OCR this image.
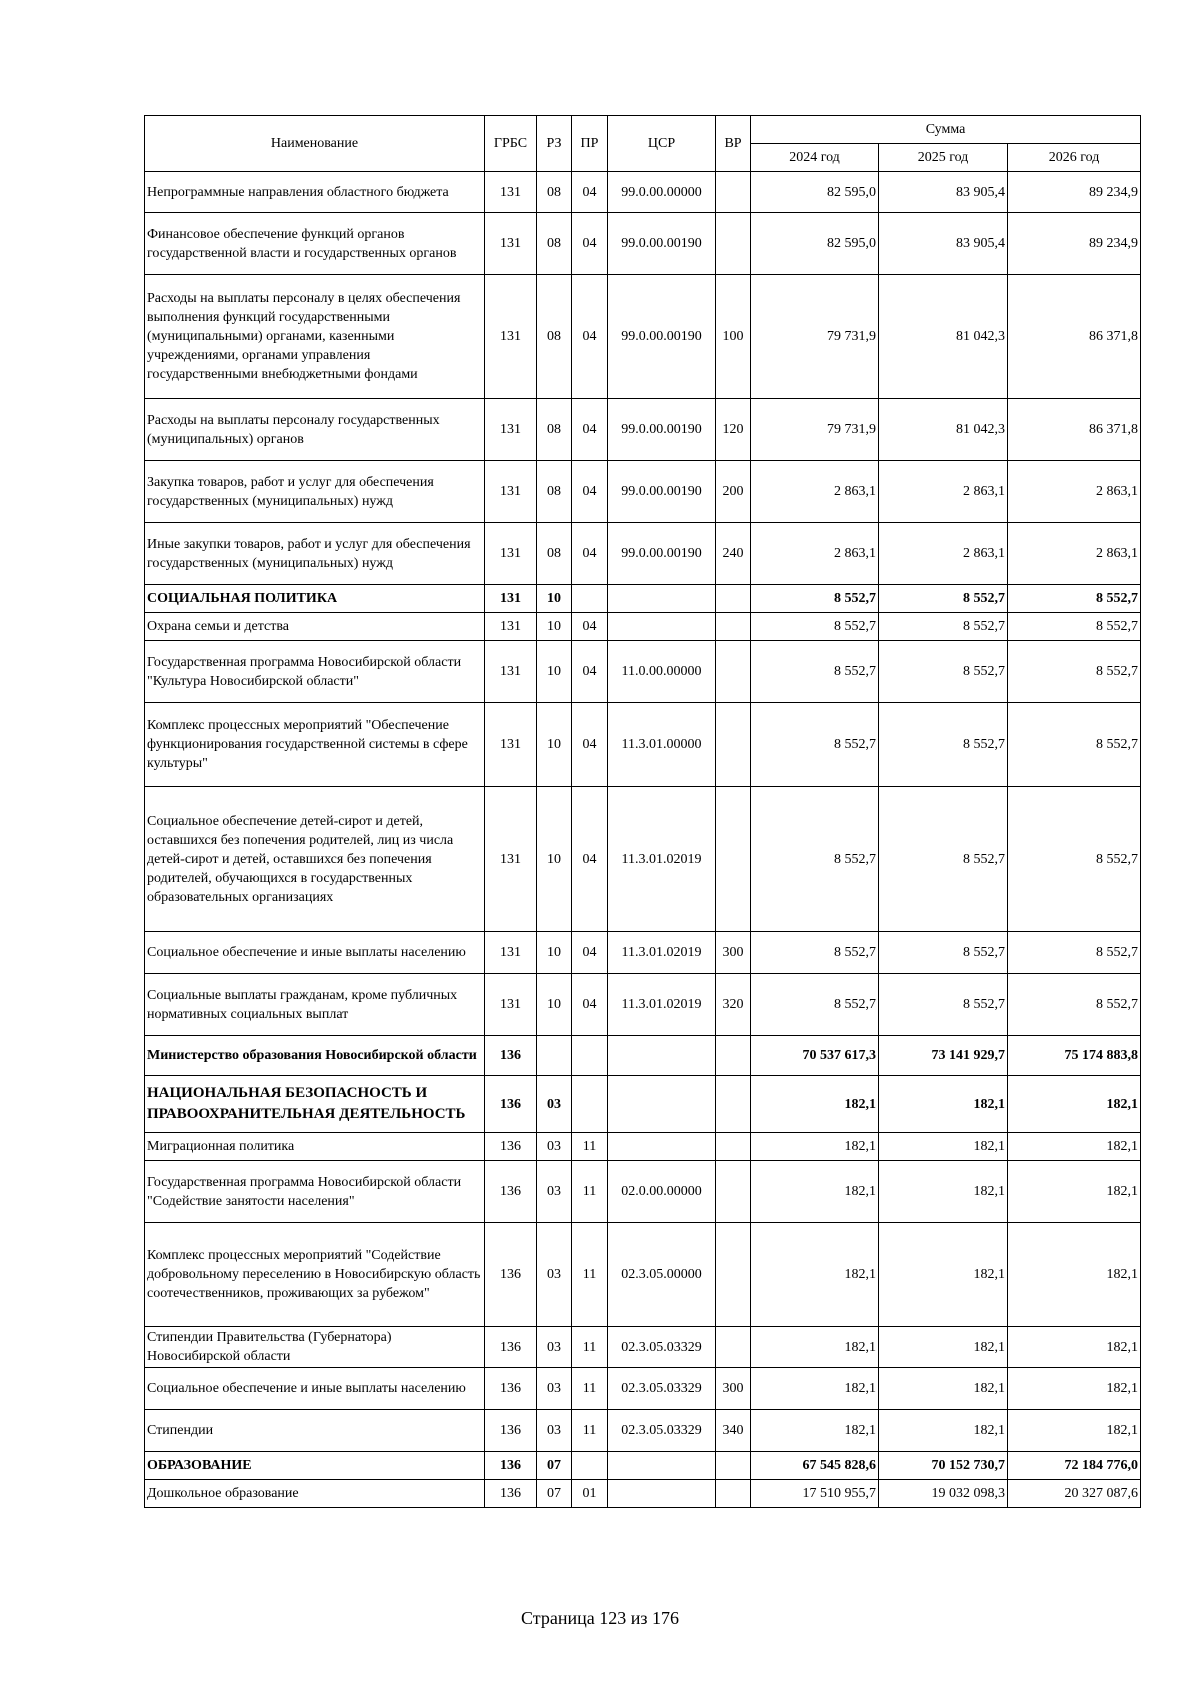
Наименование	ГРБС	РЗ	ПР	ЦСР	ВР	Сумма		
						2024 год	2025 год	2026 год
Непрограммные направления областного бюджета	131	08	04	99.0.00.00000		82 595,0	83 905,4	89 234,9
Финансовое обеспечение функций органов государственной власти и государственных органов	131	08	04	99.0.00.00190		82 595,0	83 905,4	89 234,9
Расходы на выплаты персоналу в целях обеспечения выполнения функций государственными (муниципальными) органами, казенными учреждениями, органами управления государственными внебюджетными фондами	131	08	04	99.0.00.00190	100	79 731,9	81 042,3	86 371,8
Расходы на выплаты персоналу государственных (муниципальных) органов	131	08	04	99.0.00.00190	120	79 731,9	81 042,3	86 371,8
Закупка товаров, работ и услуг для обеспечения государственных (муниципальных) нужд	131	08	04	99.0.00.00190	200	2 863,1	2 863,1	2 863,1
Иные закупки товаров, работ и услуг для обеспечения государственных (муниципальных) нужд	131	08	04	99.0.00.00190	240	2 863,1	2 863,1	2 863,1
СОЦИАЛЬНАЯ ПОЛИТИКА	131	10				8 552,7	8 552,7	8 552,7
Охрана семьи и детства	131	10	04			8 552,7	8 552,7	8 552,7
Государственная программа Новосибирской области "Культура Новосибирской области"	131	10	04	11.0.00.00000		8 552,7	8 552,7	8 552,7
Комплекс процессных мероприятий "Обеспечение функционирования государственной системы в сфере культуры"	131	10	04	11.3.01.00000		8 552,7	8 552,7	8 552,7
Социальное обеспечение детей-сирот и детей, оставшихся без попечения родителей, лиц из числа детей-сирот и детей, оставшихся без попечения родителей, обучающихся в государственных образовательных организациях	131	10	04	11.3.01.02019		8 552,7	8 552,7	8 552,7
Социальное обеспечение и иные выплаты населению	131	10	04	11.3.01.02019	300	8 552,7	8 552,7	8 552,7
Социальные выплаты гражданам, кроме публичных нормативных социальных выплат	131	10	04	11.3.01.02019	320	8 552,7	8 552,7	8 552,7
Министерство образования Новосибирской области	136					70 537 617,3	73 141 929,7	75 174 883,8
НАЦИОНАЛЬНАЯ БЕЗОПАСНОСТЬ И ПРАВООХРАНИТЕЛЬНАЯ ДЕЯТЕЛЬНОСТЬ	136	03				182,1	182,1	182,1
Миграционная политика	136	03	11			182,1	182,1	182,1
Государственная программа Новосибирской области "Содействие занятости населения"	136	03	11	02.0.00.00000		182,1	182,1	182,1
Комплекс процессных мероприятий "Содействие добровольному переселению в Новосибирскую область соотечественников, проживающих за рубежом"	136	03	11	02.3.05.00000		182,1	182,1	182,1
Стипендии Правительства (Губернатора) Новосибирской области	136	03	11	02.3.05.03329		182,1	182,1	182,1
Социальное обеспечение и иные выплаты населению	136	03	11	02.3.05.03329	300	182,1	182,1	182,1
Стипендии	136	03	11	02.3.05.03329	340	182,1	182,1	182,1
ОБРАЗОВАНИЕ	136	07				67 545 828,6	70 152 730,7	72 184 776,0
Дошкольное образование	136	07	01			17 510 955,7	19 032 098,3	20 327 087,6
Страница 123 из 176
